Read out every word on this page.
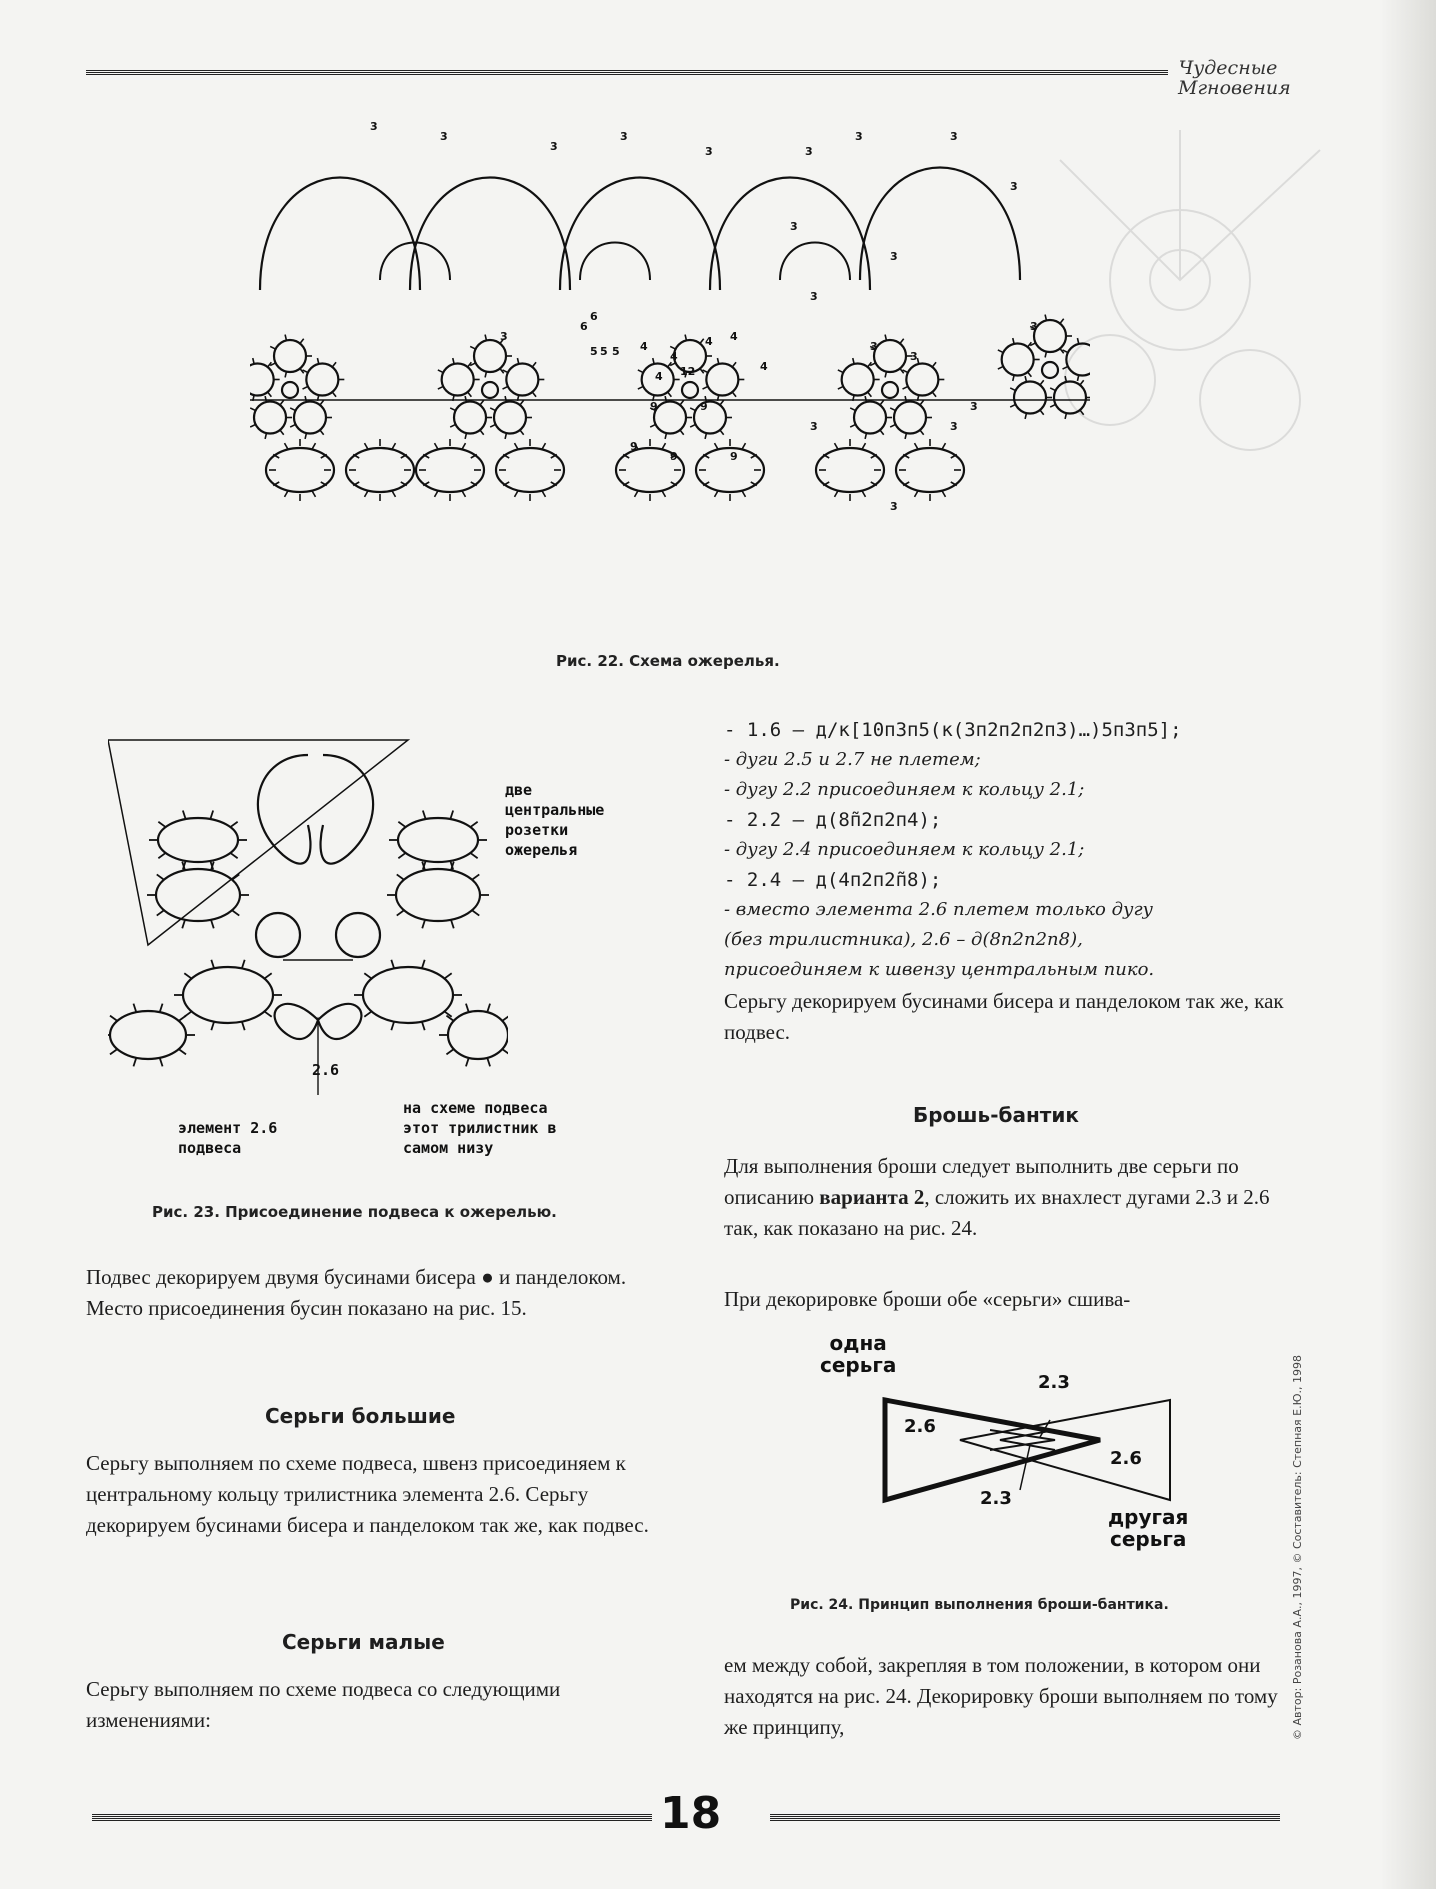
Чудесные
Мгновения
3
3
3
3
3	3
3	3
3
3
3
3
3
6
6
5 5 5 4
4
4
4
4
4 12
9	9
9
9	9
3
3
3	3
3
3
3
Рис. 22. Схема ожерелья.
две
центральные
розетки
ожерелья
2.6
элемент 2.6
подвеса
на схеме подвеса
этот трилистник в
самом низу
Рис. 23. Присоединение подвеса к ожерелью.

Подвес декорируем двумя бусинами бисера ● и панделоком. Место присоединения бусин показано на рис. 15.

Серьги большие

Серьгу выполняем по схеме подвеса, швенз присоединяем к центральному кольцу трилистника элемента 2.6. Серьгу декорируем бусинами бисера и панделоком так же, как подвес.

Серьги малые

Серьгу выполняем по схеме подвеса со следующими изменениями:

- 1.6 – д/к[10п3п5(к(3п2п2п2п3)…)5п3п5];
- дуги 2.5 и 2.7 не плетем;
- дугу 2.2 присоединяем к кольцу 2.1;
- 2.2 – д(8п̃2п2п4);
- дугу 2.4 присоединяем к кольцу 2.1;
- 2.4 – д(4п2п2п̃8);
- вместо элемента 2.6 плетем только дугу
(без трилистника), 2.6 – д(8п2п2п8),
присоединяем к швензу центральным пико.

Серьгу декорируем бусинами бисера и панделоком так же, как подвес.

Брошь-бантик

Для выполнения броши следует выполнить две серьги по описанию варианта 2, сложить их внахлест дугами 2.3 и 2.6 так, как показано на рис. 24.

При декорировке броши обе «серьги» сшива-

одна
серьга
2.3
2.6
2.6
2.3
другая
серьга
Рис. 24. Принцип выполнения броши-бантика.

ем между собой, закрепляя в том положении, в котором они находятся на рис. 24. Декорировку броши выполняем по тому же принципу,	© Автор: Розанова А.А., 1997, © Составитель: Степная Е.Ю., 1998
18
